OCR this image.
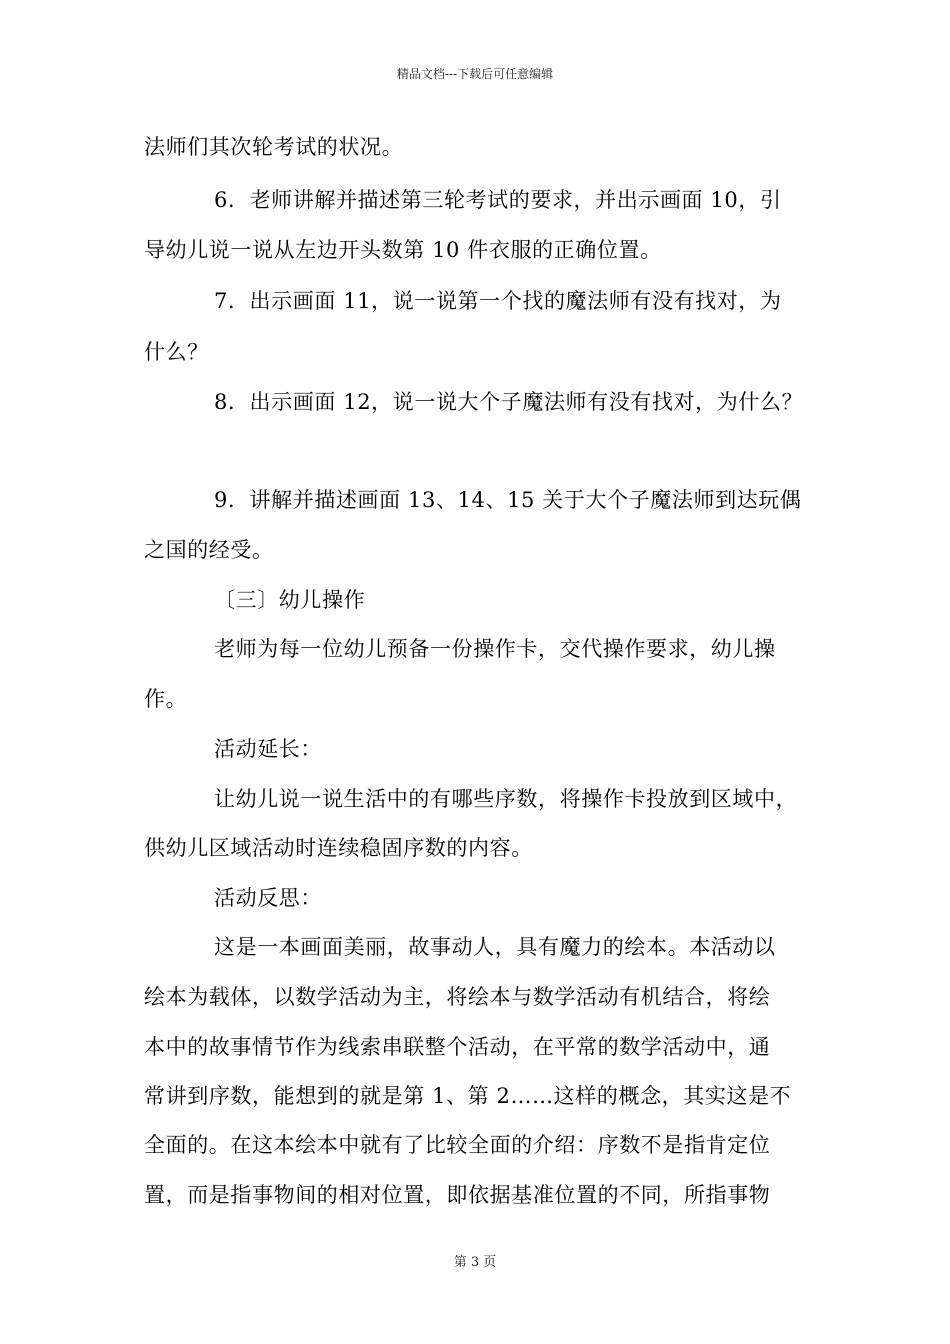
精品文档---下载后可任意编辑
法师们其次轮考试的状况。
6．老师讲解并描述第三轮考试的要求，并出示画面 10，引
导幼儿说一说从左边开头数第 10 件衣服的正确位置。
7．出示画面 11，说一说第一个找的魔法师有没有找对，为
什么？
8．出示画面 12，说一说大个子魔法师有没有找对，为什么？
9．讲解并描述画面 13、14、15 关于大个子魔法师到达玩偶
之国的经受。
〔三〕幼儿操作
老师为每一位幼儿预备一份操作卡，交代操作要求，幼儿操
作。
活动延长：
让幼儿说一说生活中的有哪些序数，将操作卡投放到区域中，
供幼儿区域活动时连续稳固序数的内容。
活动反思：
这是一本画面美丽，故事动人，具有魔力的绘本。本活动以
绘本为载体，以数学活动为主，将绘本与数学活动有机结合，将绘
本中的故事情节作为线索串联整个活动，在平常的数学活动中，通
常讲到序数，能想到的就是第 1、第 2……这样的概念，其实这是不
全面的。在这本绘本中就有了比较全面的介绍：序数不是指肯定位
置，而是指事物间的相对位置，即依据基准位置的不同，所指事物
第 3 页
